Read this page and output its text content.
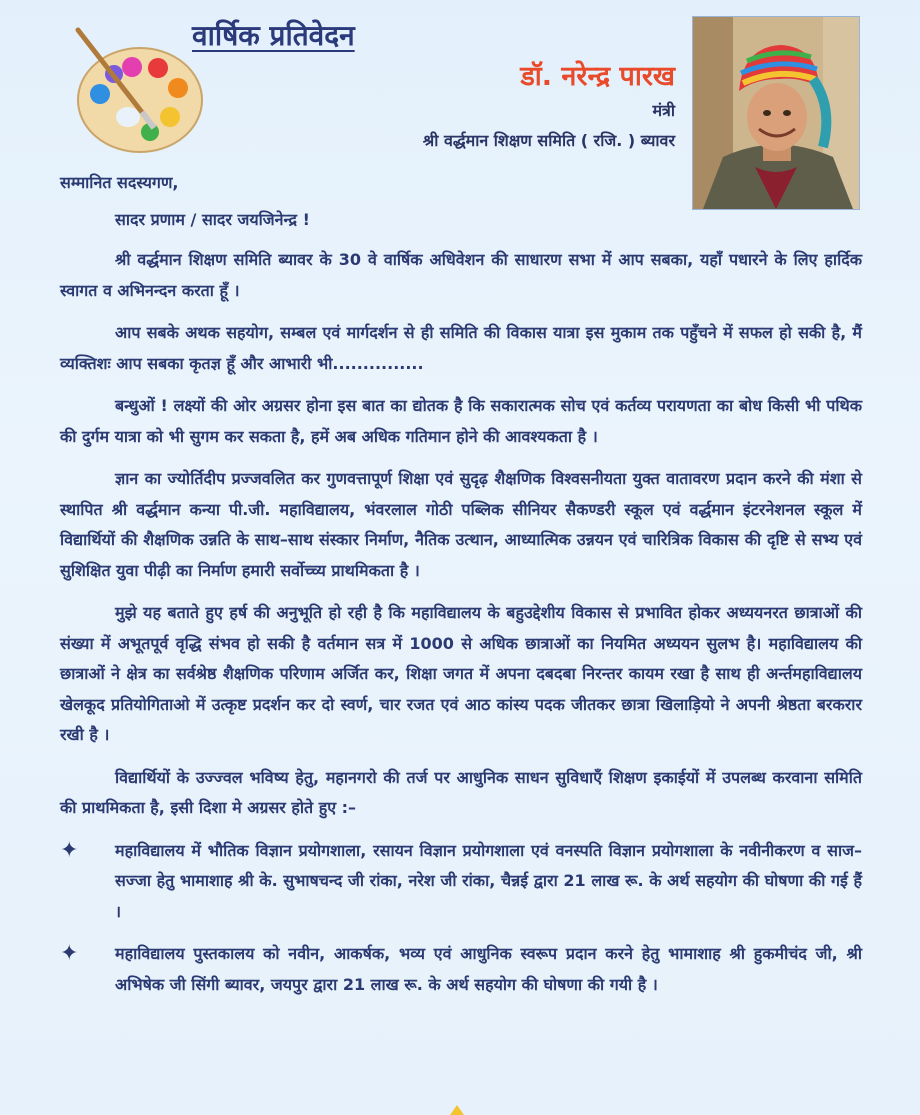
वार्षिक प्रतिवेदन
डॉ. नरेन्द्र पारख
मंत्री
श्री वर्द्धमान शिक्षण समिति ( रजि. ) ब्यावर

सम्मानित सदस्यगण,

सादर प्रणाम / सादर जयजिनेन्द्र !

श्री वर्द्धमान शिक्षण समिति ब्यावर के 30 वे वार्षिक अधिवेशन की साधारण सभा में आप सबका, यहाँ पधारने के लिए हार्दिक स्वागत व अभिनन्दन करता हूँ ।

आप सबके अथक सहयोग, सम्बल एवं मार्गदर्शन से ही समिति की विकास यात्रा इस मुकाम तक पहुँचने में सफल हो सकी है, मैं व्यक्तिशः आप सबका कृतज्ञ हूँ और आभारी भी...............

बन्धुओं ! लक्ष्यों की ओर अग्रसर होना इस बात का द्योतक है कि सकारात्मक सोच एवं कर्तव्य परायणता का बोध किसी भी पथिक की दुर्गम यात्रा को भी सुगम कर सकता है, हमें अब अधिक गतिमान होने की आवश्यकता है ।

ज्ञान का ज्योर्तिदीप प्रज्जवलित कर गुणवत्तापूर्ण शिक्षा एवं सुदृढ़ शैक्षणिक विश्वसनीयता युक्त वातावरण प्रदान करने की मंशा से स्थापित श्री वर्द्धमान कन्या पी.जी. महाविद्यालय, भंवरलाल गोठी पब्लिक सीनियर सैकण्डरी स्कूल एवं वर्द्धमान इंटरनेशनल स्कूल में विद्यार्थियों की शैक्षणिक उन्नति के साथ–साथ संस्कार निर्माण, नैतिक उत्थान, आध्यात्मिक उन्नयन एवं चारित्रिक विकास की दृष्टि से सभ्य एवं सुशिक्षित युवा पीढ़ी का निर्माण हमारी सर्वोच्च्य प्राथमिकता है ।

मुझे यह बताते हुए हर्ष की अनुभूति हो रही है कि महाविद्यालय के बहुउद्देशीय विकास से प्रभावित होकर अध्ययनरत छात्राओं की संख्या में अभूतपूर्व वृद्धि संभव हो सकी है वर्तमान सत्र में 1000 से अधिक छात्राओं का नियमित अध्ययन सुलभ है। महाविद्यालय की छात्राओं ने क्षेत्र का सर्वश्रेष्ठ शैक्षणिक परिणाम अर्जित कर, शिक्षा जगत में अपना दबदबा निरन्तर कायम रखा है साथ ही अर्न्तमहाविद्यालय खेलकूद प्रतियोगिताओ में उत्कृष्ट प्रदर्शन कर दो स्वर्ण, चार रजत एवं आठ कांस्य पदक जीतकर छात्रा खिलाड़ियो ने अपनी श्रेष्ठता बरकरार रखी है ।

विद्यार्थियों के उज्ज्वल भविष्य हेतु, महानगरो की तर्ज पर आधुनिक साधन सुविधाएँ शिक्षण इकाईयों में उपलब्ध करवाना समिति की प्राथमिकता है, इसी दिशा मे अग्रसर होते हुए :–

✦ महाविद्यालय में भौतिक विज्ञान प्रयोगशाला, रसायन विज्ञान प्रयोगशाला एवं वनस्पति विज्ञान प्रयोगशाला के नवीनीकरण व साज–सज्जा हेतु भामाशाह श्री के. सुभाषचन्द जी रांका, नरेश जी रांका, चैन्नई द्वारा 21 लाख रू. के अर्थ सहयोग की घोषणा की गई हैं ।
✦ महाविद्यालय पुस्तकालय को नवीन, आकर्षक, भव्य एवं आधुनिक स्वरूप प्रदान करने हेतु भामाशाह श्री हुकमीचंद जी, श्री अभिषेक जी सिंगी ब्यावर, जयपुर द्वारा 21 लाख रू. के अर्थ सहयोग की घोषणा की गयी है ।
